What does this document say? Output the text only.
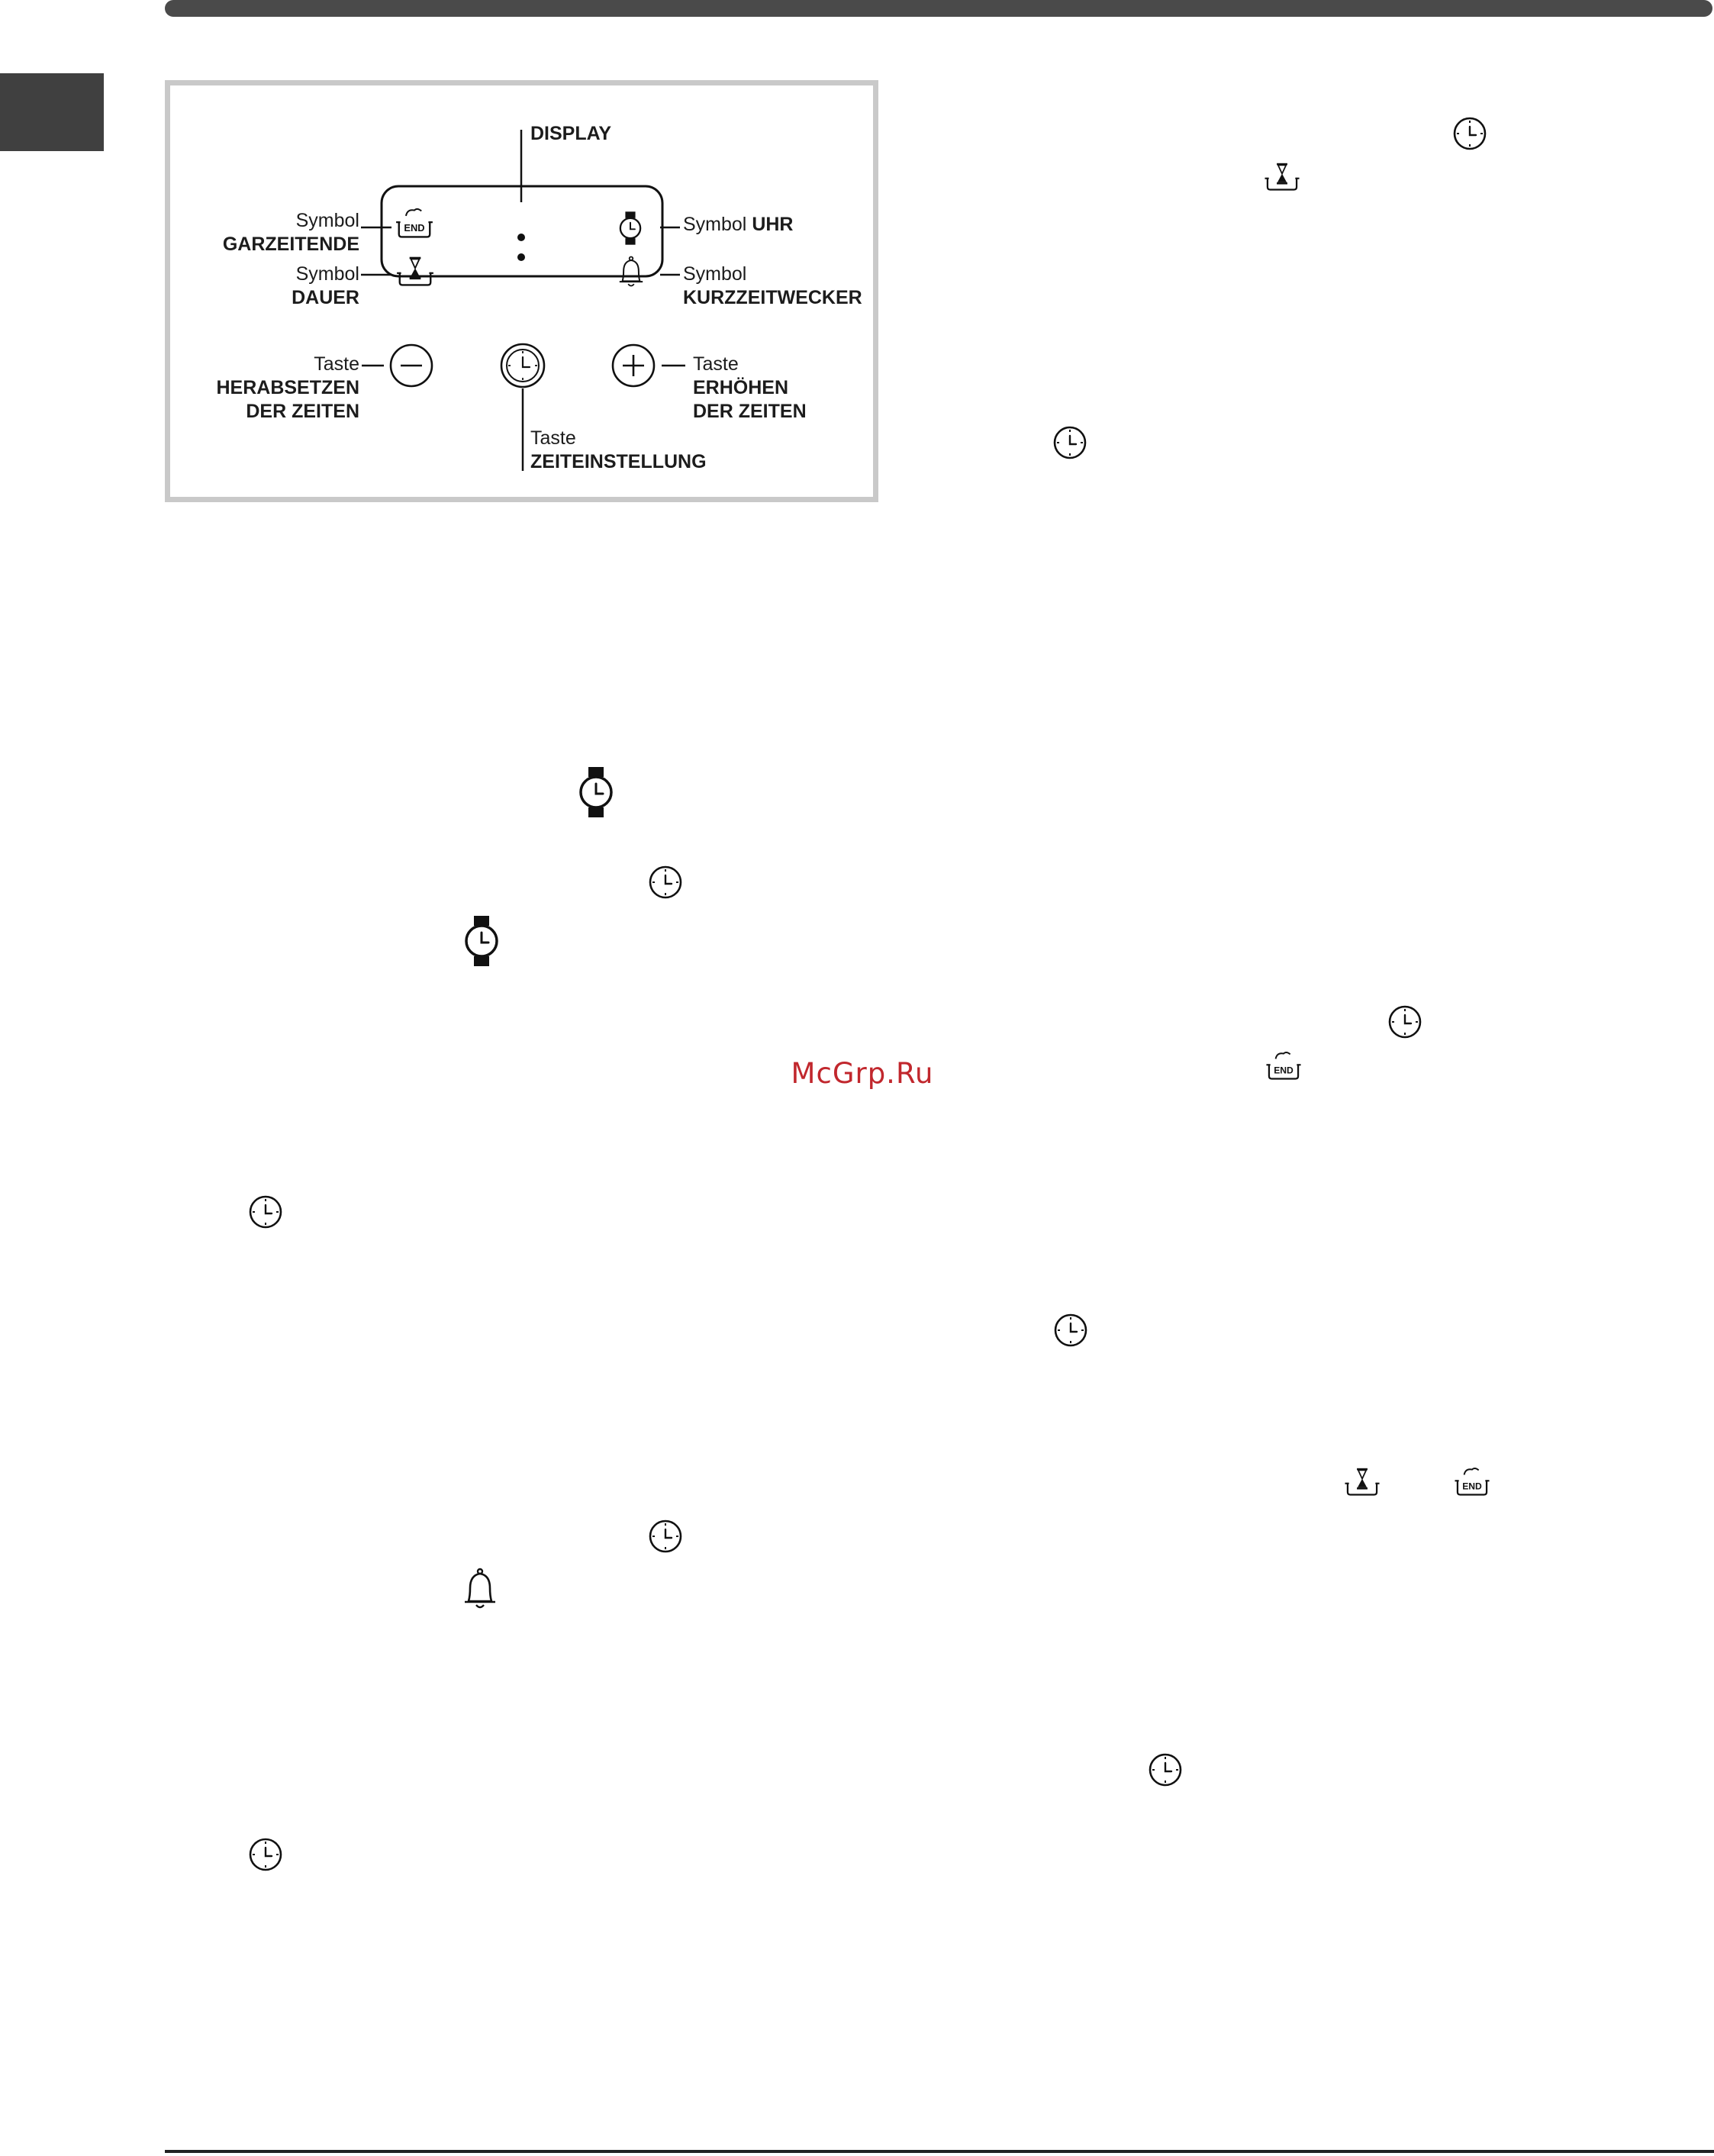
DISPLAY
Symbol
GARZEITENDE
Symbol
DAUER
Symbol UHR
Symbol
KURZZEITWECKER
Taste
HERABSETZEN
DER ZEITEN
Taste
ERHÖHEN
DER ZEITEN
Taste
ZEITEINSTELLUNG
McGrp.Ru
